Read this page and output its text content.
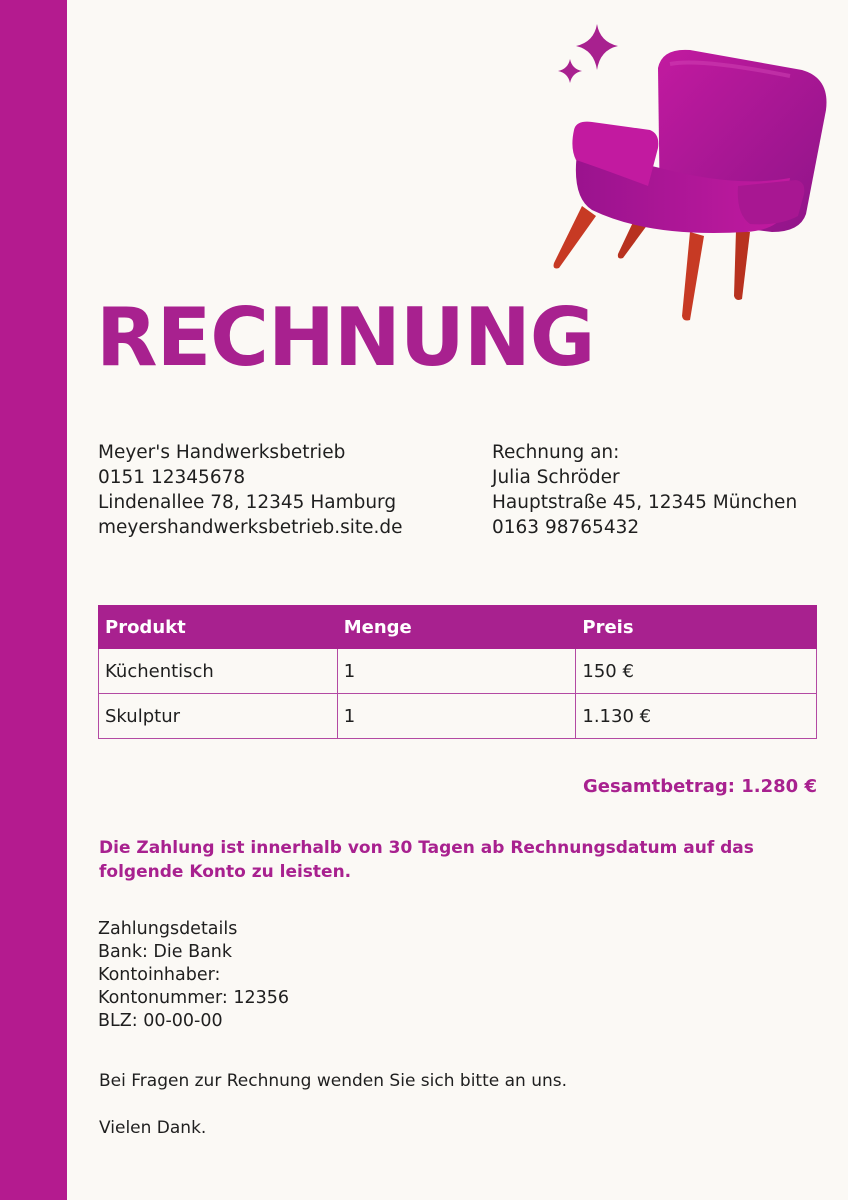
RECHNUNG
Meyer's Handwerksbetrieb
0151 12345678
Lindenallee 78, 12345 Hamburg
meyershandwerksbetrieb.site.de
Rechnung an:
Julia Schröder
Hauptstraße 45, 12345 München
0163 98765432
Produkt	Menge	Preis
Küchentisch	1	150 €
Skulptur	1	1.130 €
Gesamtbetrag: 1.280 €

Die Zahlung ist innerhalb von 30 Tagen ab Rechnungsdatum auf das folgende Konto zu leisten.

Zahlungsdetails
Bank: Die Bank
Kontoinhaber:
Kontonummer: 12356
BLZ: 00-00-00

Bei Fragen zur Rechnung wenden Sie sich bitte an uns.

Vielen Dank.
